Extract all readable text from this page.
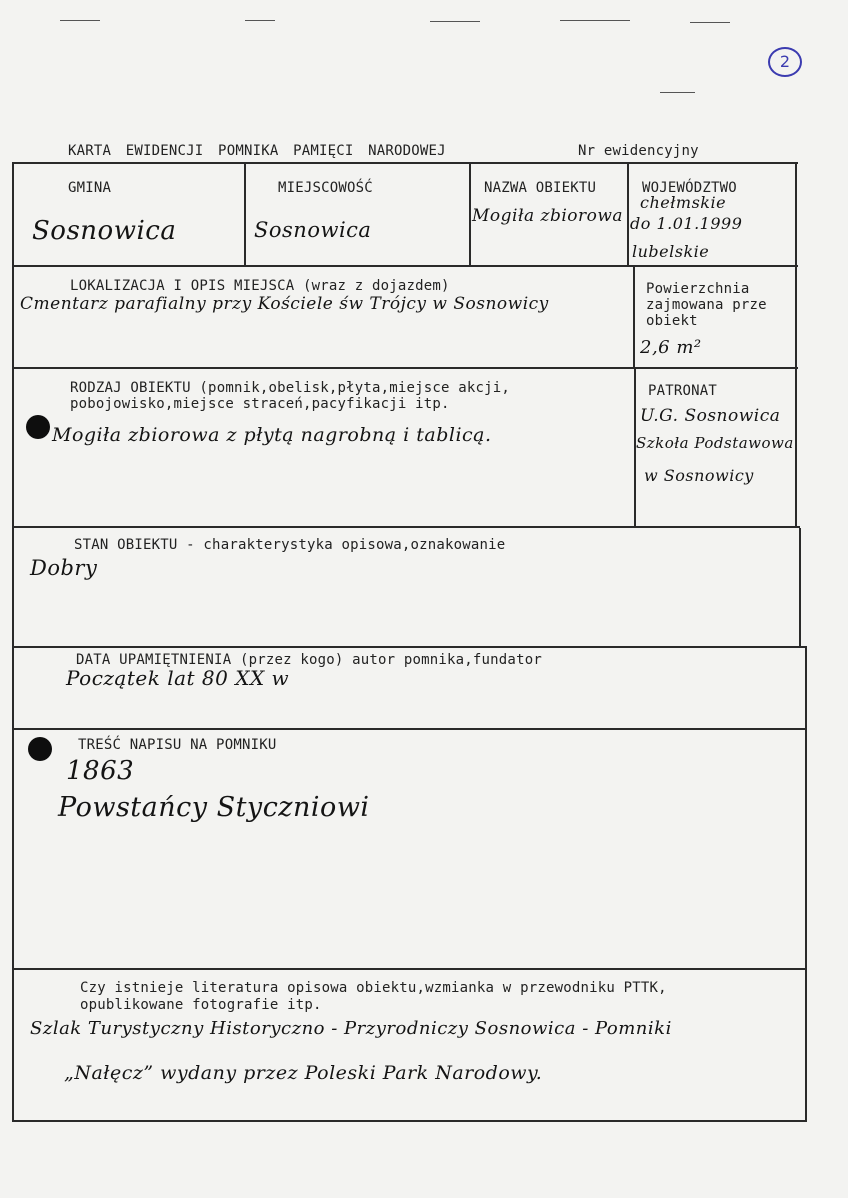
2
KARTA EWIDENCJI POMNIKA PAMIĘCI NARODOWEJ	Nr ewidencyjny
GMINA
Sosnowica
MIEJSCOWOŚĆ
Sosnowica
NAZWA OBIEKTU
Mogiła zbiorowa
WOJEWÓDZTWO
chełmskie
do 1.01.1999
lubelskie
LOKALIZACJA I OPIS MIEJSCA (wraz z dojazdem)
Cmentarz parafialny przy Kościele św Trójcy w Sosnowicy
Powierzchnia
zajmowana prze
obiekt
2,6 m²
RODZAJ OBIEKTU (pomnik,obelisk,płyta,miejsce akcji,
pobojowisko,miejsce straceń,pacyfikacji itp.
Mogiła zbiorowa z płytą nagrobną i tablicą.
PATRONAT
U.G. Sosnowica
Szkoła Podstawowa
w Sosnowicy
STAN OBIEKTU - charakterystyka opisowa,oznakowanie
Dobry
DATA UPAMIĘTNIENIA (przez kogo) autor pomnika,fundator
Początek lat 80 XX w
TREŚĆ NAPISU NA POMNIKU
1863
Powstańcy Styczniowi
Czy istnieje literatura opisowa obiektu,wzmianka w przewodniku PTTK,
opublikowane fotografie itp.
Szlak Turystyczny Historyczno - Przyrodniczy Sosnowica - Pomniki
„Nałęcz” wydany przez Poleski Park Narodowy.
